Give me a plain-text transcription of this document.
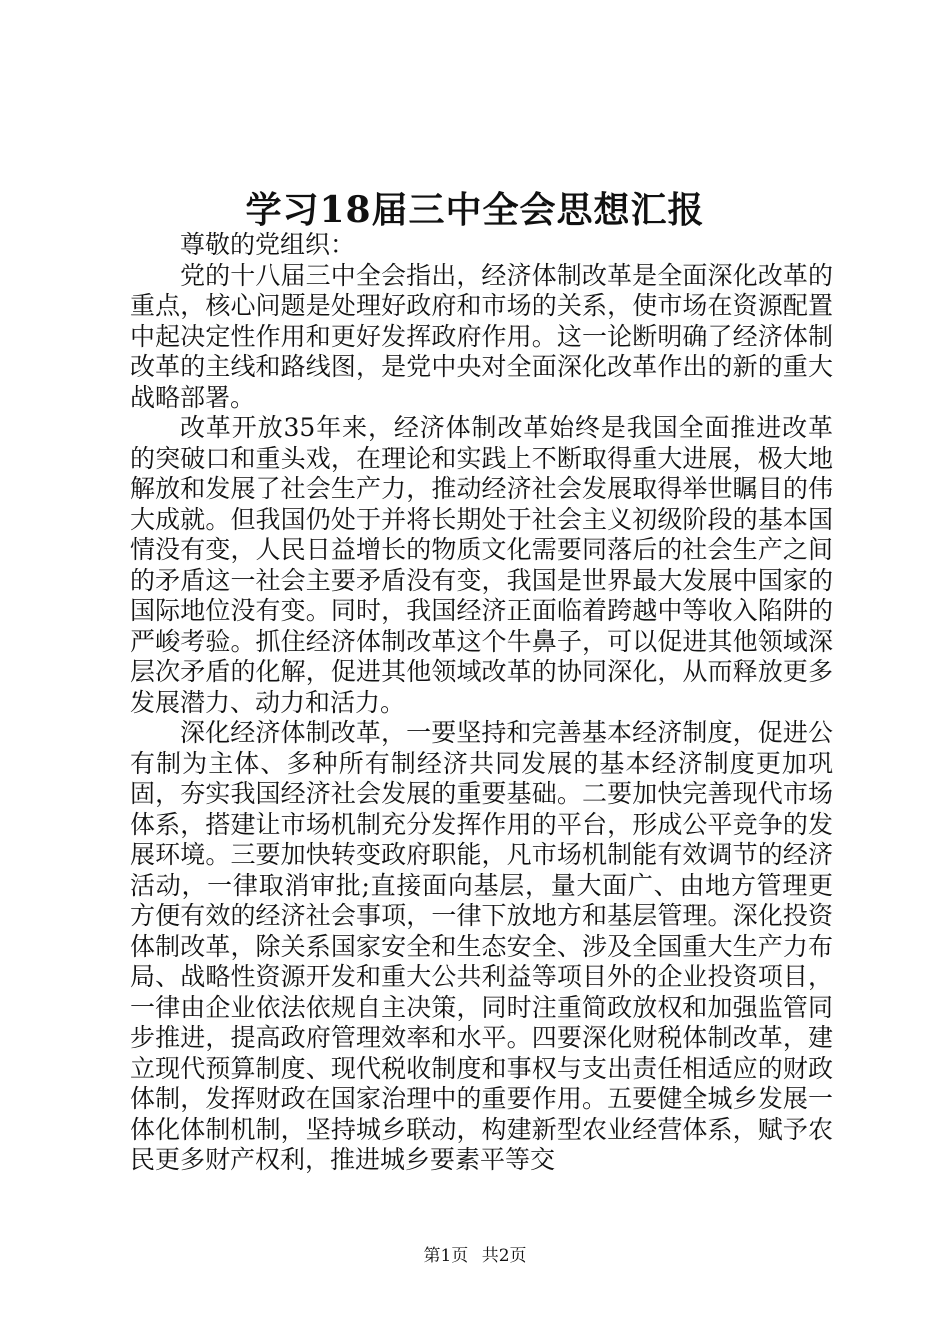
学习18届三中全会思想汇报

尊敬的党组织：

党的十八届三中全会指出，经济体制改革是全面深化改革的重点，核心问题是处理好政府和市场的关系，使市场在资源配置中起决定性作用和更好发挥政府作用。这一论断明确了经济体制改革的主线和路线图，是党中央对全面深化改革作出的新的重大战略部署。

改革开放35年来，经济体制改革始终是我国全面推进改革的突破口和重头戏，在理论和实践上不断取得重大进展，极大地解放和发展了社会生产力，推动经济社会发展取得举世瞩目的伟大成就。但我国仍处于并将长期处于社会主义初级阶段的基本国情没有变，人民日益增长的物质文化需要同落后的社会生产之间的矛盾这一社会主要矛盾没有变，我国是世界最大发展中国家的国际地位没有变。同时，我国经济正面临着跨越中等收入陷阱的严峻考验。抓住经济体制改革这个牛鼻子，可以促进其他领域深层次矛盾的化解，促进其他领域改革的协同深化，从而释放更多发展潜力、动力和活力。

深化经济体制改革，一要坚持和完善基本经济制度，促进公有制为主体、多种所有制经济共同发展的基本经济制度更加巩固，夯实我国经济社会发展的重要基础。二要加快完善现代市场体系，搭建让市场机制充分发挥作用的平台，形成公平竞争的发展环境。三要加快转变政府职能，凡市场机制能有效调节的经济活动，一律取消审批;直接面向基层，量大面广、由地方管理更方便有效的经济社会事项，一律下放地方和基层管理。深化投资体制改革，除关系国家安全和生态安全、涉及全国重大生产力布局、战略性资源开发和重大公共利益等项目外的企业投资项目，一律由企业依法依规自主决策，同时注重简政放权和加强监管同步推进，提高政府管理效率和水平。四要深化财税体制改革，建立现代预算制度、现代税收制度和事权与支出责任相适应的财政体制，发挥财政在国家治理中的重要作用。五要健全城乡发展一体化体制机制，坚持城乡联动，构建新型农业经营体系，赋予农民更多财产权利，推进城乡要素平等交

第1页 共2页
